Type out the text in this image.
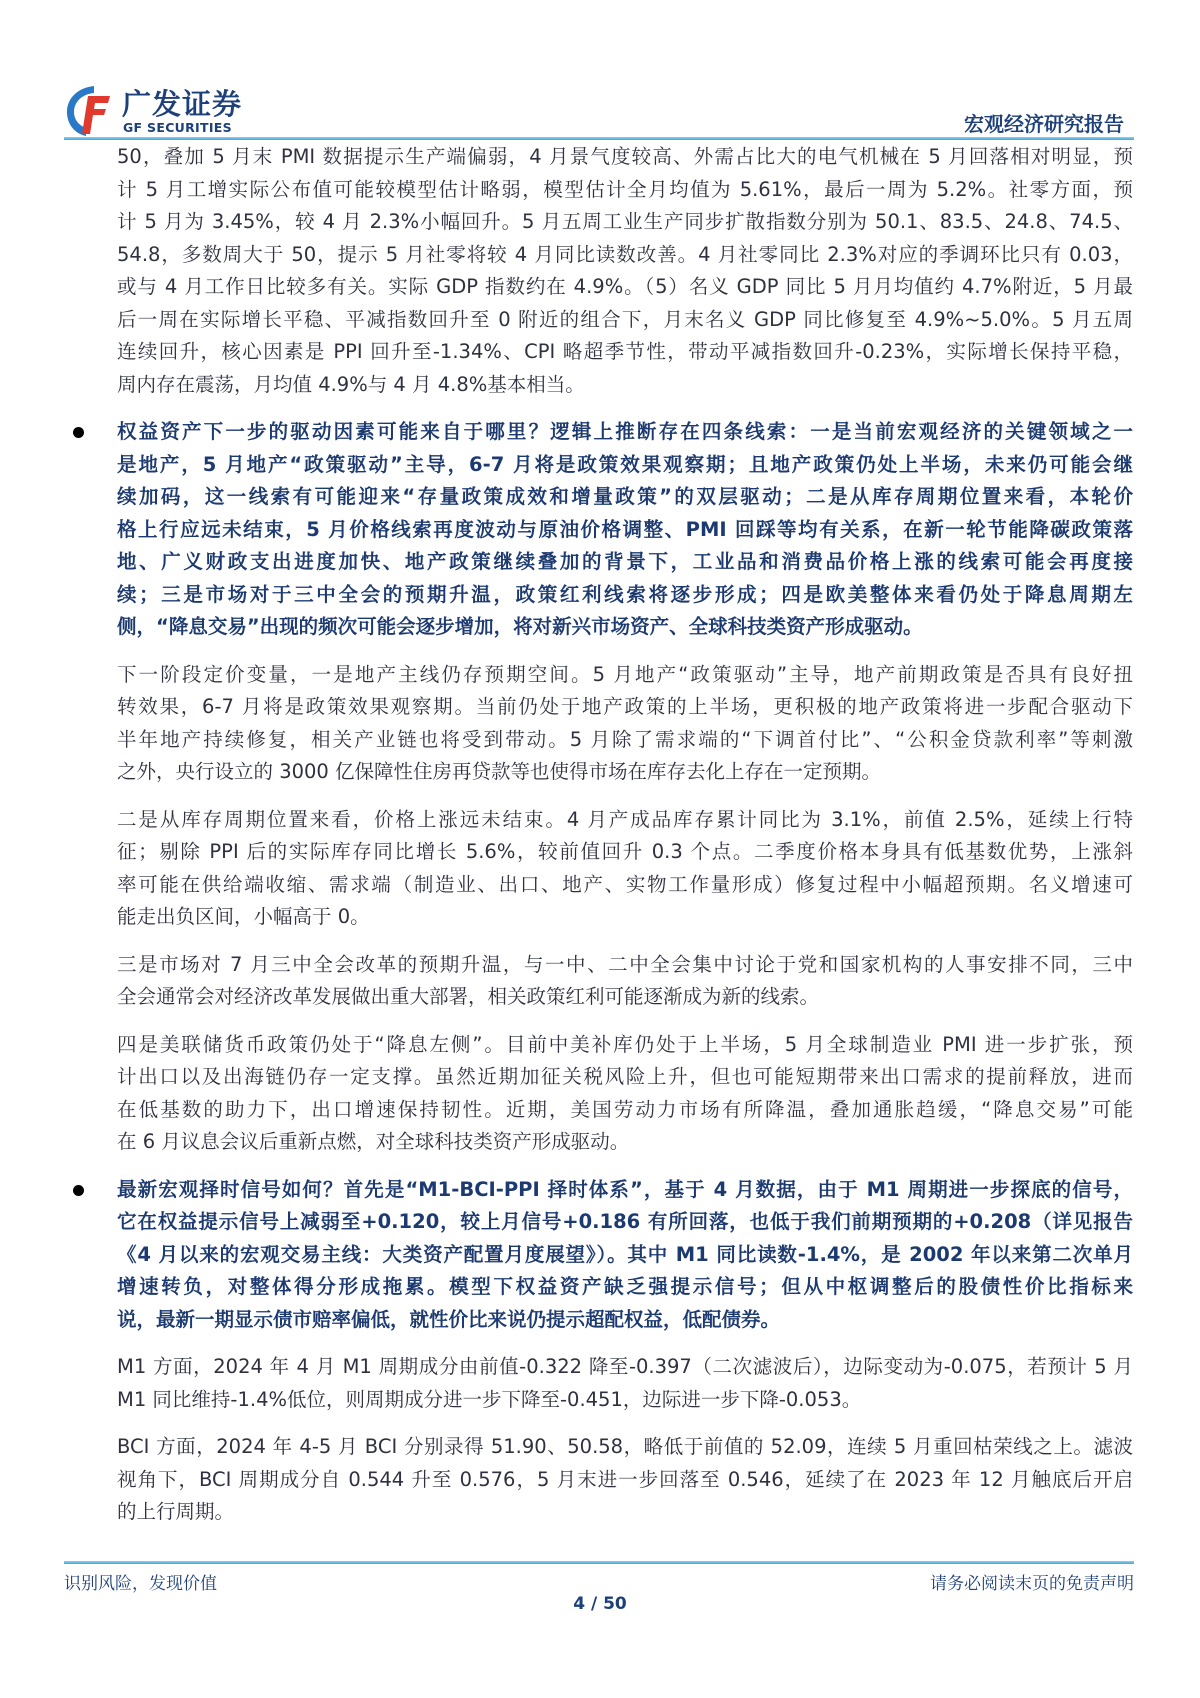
广发证券
GF SECURITIES	宏观经济研究报告
50，叠加 5 月末 PMI 数据提示生产端偏弱，4 月景气度较高、外需占比大的电气机械在 5 月回落相对明显，预
计 5 月工增实际公布值可能较模型估计略弱，模型估计全月均值为 5.61%，最后一周为 5.2%。社零方面，预
计 5 月为 3.45%，较 4 月 2.3%小幅回升。5 月五周工业生产同步扩散指数分别为 50.1、83.5、24.8、74.5、
54.8，多数周大于 50，提示 5 月社零将较 4 月同比读数改善。4 月社零同比 2.3%对应的季调环比只有 0.03，
或与 4 月工作日比较多有关。实际 GDP 指数约在 4.9%。（5）名义 GDP 同比 5 月月均值约 4.7%附近，5 月最
后一周在实际增长平稳、平减指数回升至 0 附近的组合下，月末名义 GDP 同比修复至 4.9%~5.0%。5 月五周
连续回升，核心因素是 PPI 回升至-1.34%、CPI 略超季节性，带动平减指数回升-0.23%，实际增长保持平稳，
周内存在震荡，月均值 4.9%与 4 月 4.8%基本相当。
权益资产下一步的驱动因素可能来自于哪里？逻辑上推断存在四条线索：一是当前宏观经济的关键领域之一
是地产，5 月地产“政策驱动”主导，6-7 月将是政策效果观察期；且地产政策仍处上半场，未来仍可能会继
续加码，这一线索有可能迎来“存量政策成效和增量政策”的双层驱动；二是从库存周期位置来看，本轮价
格上行应远未结束，5 月价格线索再度波动与原油价格调整、PMI 回踩等均有关系，在新一轮节能降碳政策落
地、广义财政支出进度加快、地产政策继续叠加的背景下，工业品和消费品价格上涨的线索可能会再度接
续；三是市场对于三中全会的预期升温，政策红利线索将逐步形成；四是欧美整体来看仍处于降息周期左
侧，“降息交易”出现的频次可能会逐步增加，将对新兴市场资产、全球科技类资产形成驱动。
下一阶段定价变量，一是地产主线仍存预期空间。5 月地产“政策驱动”主导，地产前期政策是否具有良好扭
转效果，6-7 月将是政策效果观察期。当前仍处于地产政策的上半场，更积极的地产政策将进一步配合驱动下
半年地产持续修复，相关产业链也将受到带动。5 月除了需求端的“下调首付比”、“公积金贷款利率”等刺激
之外，央行设立的 3000 亿保障性住房再贷款等也使得市场在库存去化上存在一定预期。
二是从库存周期位置来看，价格上涨远未结束。4 月产成品库存累计同比为 3.1%，前值 2.5%，延续上行特
征；剔除 PPI 后的实际库存同比增长 5.6%，较前值回升 0.3 个点。二季度价格本身具有低基数优势，上涨斜
率可能在供给端收缩、需求端（制造业、出口、地产、实物工作量形成）修复过程中小幅超预期。名义增速可
能走出负区间，小幅高于 0。
三是市场对 7 月三中全会改革的预期升温，与一中、二中全会集中讨论于党和国家机构的人事安排不同，三中
全会通常会对经济改革发展做出重大部署，相关政策红利可能逐渐成为新的线索。
四是美联储货币政策仍处于“降息左侧”。目前中美补库仍处于上半场，5 月全球制造业 PMI 进一步扩张，预
计出口以及出海链仍存一定支撑。虽然近期加征关税风险上升，但也可能短期带来出口需求的提前释放，进而
在低基数的助力下，出口增速保持韧性。近期，美国劳动力市场有所降温，叠加通胀趋缓，“降息交易”可能
在 6 月议息会议后重新点燃，对全球科技类资产形成驱动。
最新宏观择时信号如何？首先是“M1-BCI-PPI 择时体系”，基于 4 月数据，由于 M1 周期进一步探底的信号，
它在权益提示信号上减弱至+0.120，较上月信号+0.186 有所回落，也低于我们前期预期的+0.208（详见报告
《4 月以来的宏观交易主线：大类资产配置月度展望》）。其中 M1 同比读数-1.4%，是 2002 年以来第二次单月
增速转负，对整体得分形成拖累。模型下权益资产缺乏强提示信号；但从中枢调整后的股债性价比指标来
说，最新一期显示债市赔率偏低，就性价比来说仍提示超配权益，低配债券。
M1 方面，2024 年 4 月 M1 周期成分由前值-0.322 降至-0.397（二次滤波后），边际变动为-0.075，若预计 5 月
M1 同比维持-1.4%低位，则周期成分进一步下降至-0.451，边际进一步下降-0.053。
BCI 方面，2024 年 4-5 月 BCI 分别录得 51.90、50.58，略低于前值的 52.09，连续 5 月重回枯荣线之上。滤波
视角下，BCI 周期成分自 0.544 升至 0.576，5 月末进一步回落至 0.546，延续了在 2023 年 12 月触底后开启
的上行周期。
识别风险，发现价值	请务必阅读末页的免责声明
4 / 50
